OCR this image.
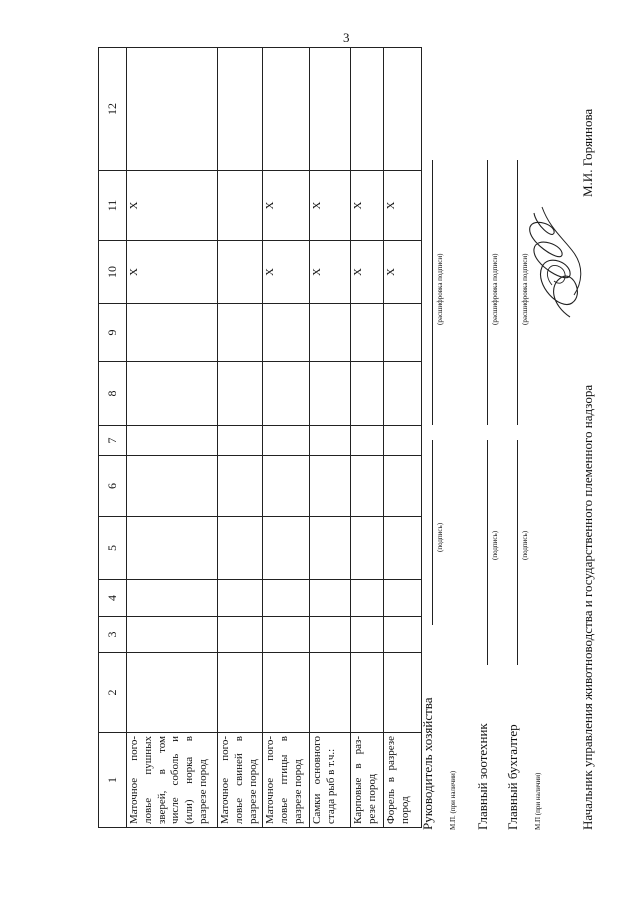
3
1	2	3	4	5	6	7	8	9	10	11	12
Маточное пого-ловье пушных зверей, в том числе соболь и (или) норка в разрезе пород									X	X	
Маточное пого-ловье свиней в разрезе пород											
Маточное пого-ловье птицы в разрезе пород									X	X	
Самки основного стада рыб в т.ч.:									X	X	
Карповые в раз-резе пород									X	X	
Форель в разрезе пород									X	X	
Руководитель хозяйства
(подпись)
(расшифровка подписи)
М.П. (при наличии) Главный зоотехник
(подпись)
(расшифровка подписи)
Главный бухгалтер
(подпись)
(расшифровка подписи)
М.П (при наличии)	Начальник управления животноводства и государственного племенного надзора
М.И. Горяинова
